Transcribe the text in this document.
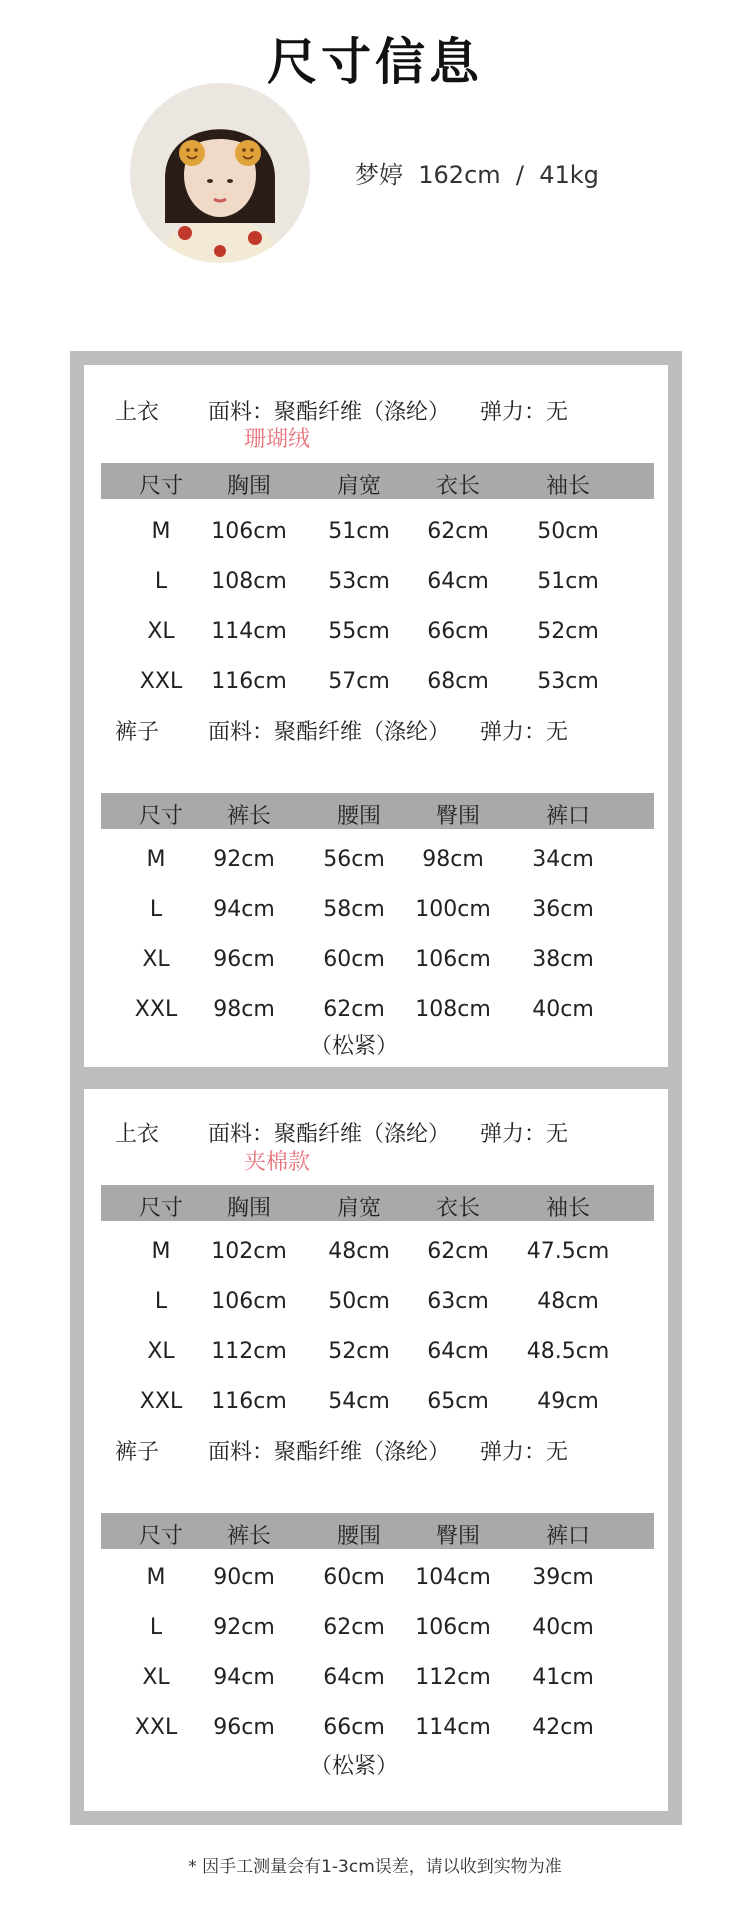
尺寸信息
梦婷  162cm  /  41kg
上衣 面料：聚酯纤维（涤纶） 弹力：无
珊瑚绒
尺寸	胸围	肩宽	衣长	袖长
M	106cm	51cm	62cm	50cm
L	108cm	53cm	64cm	51cm
XL	114cm	55cm	66cm	52cm
XXL	116cm	57cm	68cm	53cm
裤子 面料：聚酯纤维（涤纶） 弹力：无
尺寸	裤长	腰围	臀围	裤口
M	92cm	56cm	98cm	34cm
L	94cm	58cm	100cm	36cm
XL	96cm	60cm	106cm	38cm
XXL	98cm	62cm	108cm	40cm
（松紧）
上衣 面料：聚酯纤维（涤纶） 弹力：无
夹棉款
尺寸	胸围	肩宽	衣长	袖长
M	102cm	48cm	62cm	47.5cm
L	106cm	50cm	63cm	48cm
XL	112cm	52cm	64cm	48.5cm
XXL	116cm	54cm	65cm	49cm
裤子 面料：聚酯纤维（涤纶） 弹力：无
尺寸	裤长	腰围	臀围	裤口
M	90cm	60cm	104cm	39cm
L	92cm	62cm	106cm	40cm
XL	94cm	64cm	112cm	41cm
XXL	96cm	66cm	114cm	42cm
（松紧）
* 因手工测量会有1-3cm误差，请以收到实物为准
